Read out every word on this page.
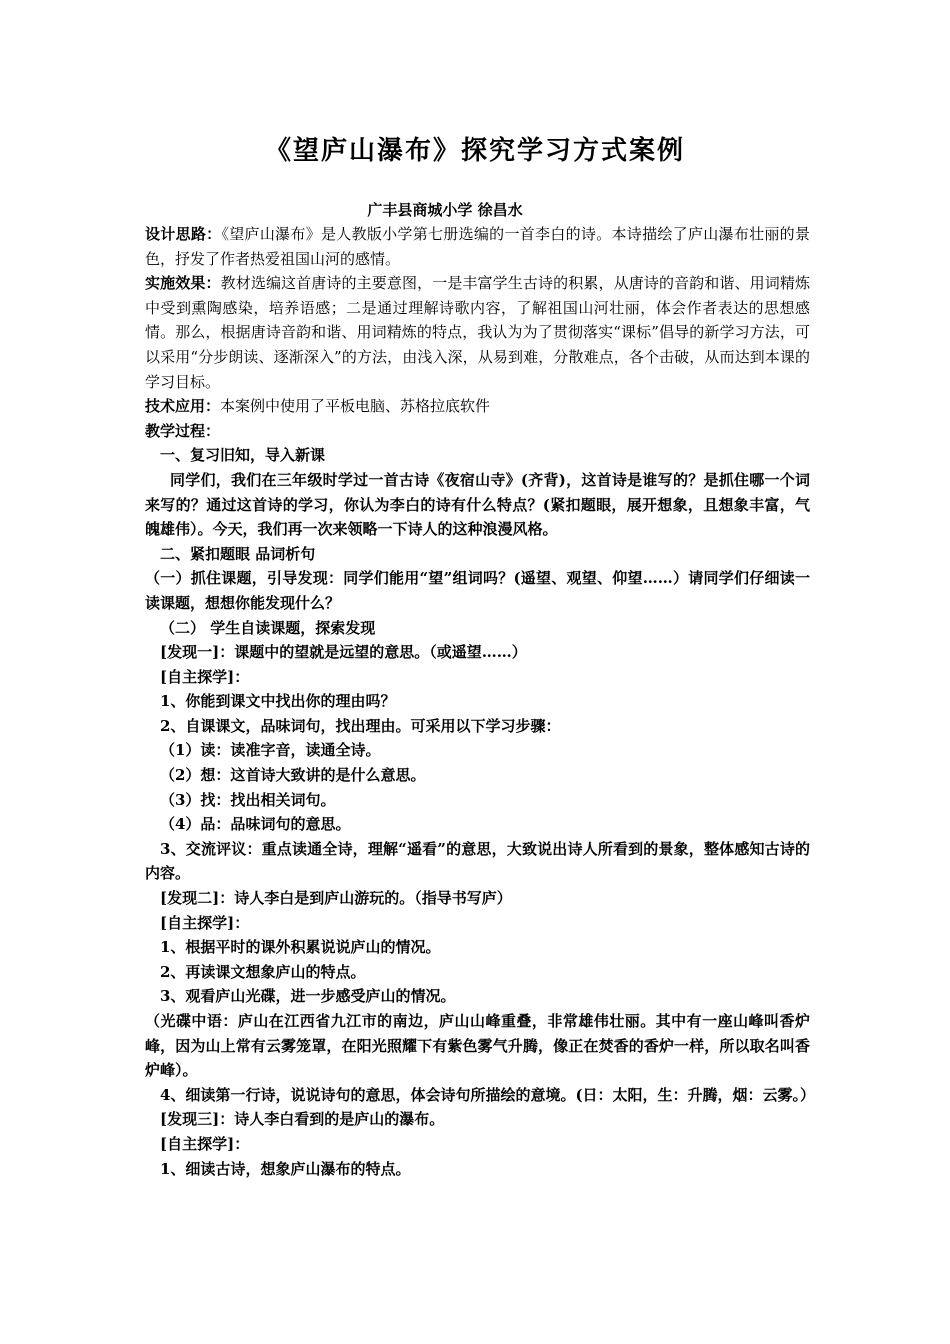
《望庐山瀑布》探究学习方式案例
广丰县商城小学 徐昌水

设计思路：《望庐山瀑布》是人教版小学第七册选编的一首李白的诗。本诗描绘了庐山瀑布壮丽的景色，抒发了作者热爱祖国山河的感情。

实施效果：教材选编这首唐诗的主要意图，一是丰富学生古诗的积累，从唐诗的音韵和谐、用词精炼中受到熏陶感染，培养语感；二是通过理解诗歌内容，了解祖国山河壮丽，体会作者表达的思想感情。那么，根据唐诗音韵和谐、用词精炼的特点，我认为为了贯彻落实“课标”倡导的新学习方法，可以采用“分步朗读、逐渐深入”的方法，由浅入深，从易到难，分散难点，各个击破，从而达到本课的学习目标。

技术应用：本案例中使用了平板电脑、苏格拉底软件

教学过程：

一、复习旧知，导入新课

同学们，我们在三年级时学过一首古诗《夜宿山寺》(齐背)，这首诗是谁写的？是抓住哪一个词来写的？通过这首诗的学习，你认为李白的诗有什么特点？(紧扣题眼，展开想象，且想象丰富，气魄雄伟）。今天，我们再一次来领略一下诗人的这种浪漫风格。

二、紧扣题眼 品词析句

（一）抓住课题，引导发现：同学们能用“望”组词吗？(遥望、观望、仰望……）请同学们仔细读一读课题，想想你能发现什么？

（二） 学生自读课题，探索发现

[发现一]：课题中的望就是远望的意思。（或遥望……）

[自主探学]：

1、你能到课文中找出你的理由吗？

2、自课课文，品味词句，找出理由。可采用以下学习步骤：

（1）读：读准字音，读通全诗。

（2）想：这首诗大致讲的是什么意思。

（3）找：找出相关词句。

（4）品：品味词句的意思。

3、交流评议：重点读通全诗，理解“遥看”的意思，大致说出诗人所看到的景象，整体感知古诗的内容。

[发现二]：诗人李白是到庐山游玩的。（指导书写庐）

[自主探学]：

1、根据平时的课外积累说说庐山的情况。

2、再读课文想象庐山的特点。

3、观看庐山光碟，进一步感受庐山的情况。

（光碟中语：庐山在江西省九江市的南边，庐山山峰重叠，非常雄伟壮丽。其中有一座山峰叫香炉峰，因为山上常有云雾笼罩，在阳光照耀下有紫色雾气升腾，像正在焚香的香炉一样，所以取名叫香炉峰）。

4、细读第一行诗，说说诗句的意思，体会诗句所描绘的意境。(日：太阳，生：升腾，烟：云雾。）

[发现三]：诗人李白看到的是庐山的瀑布。

[自主探学]：

1、细读古诗，想象庐山瀑布的特点。
